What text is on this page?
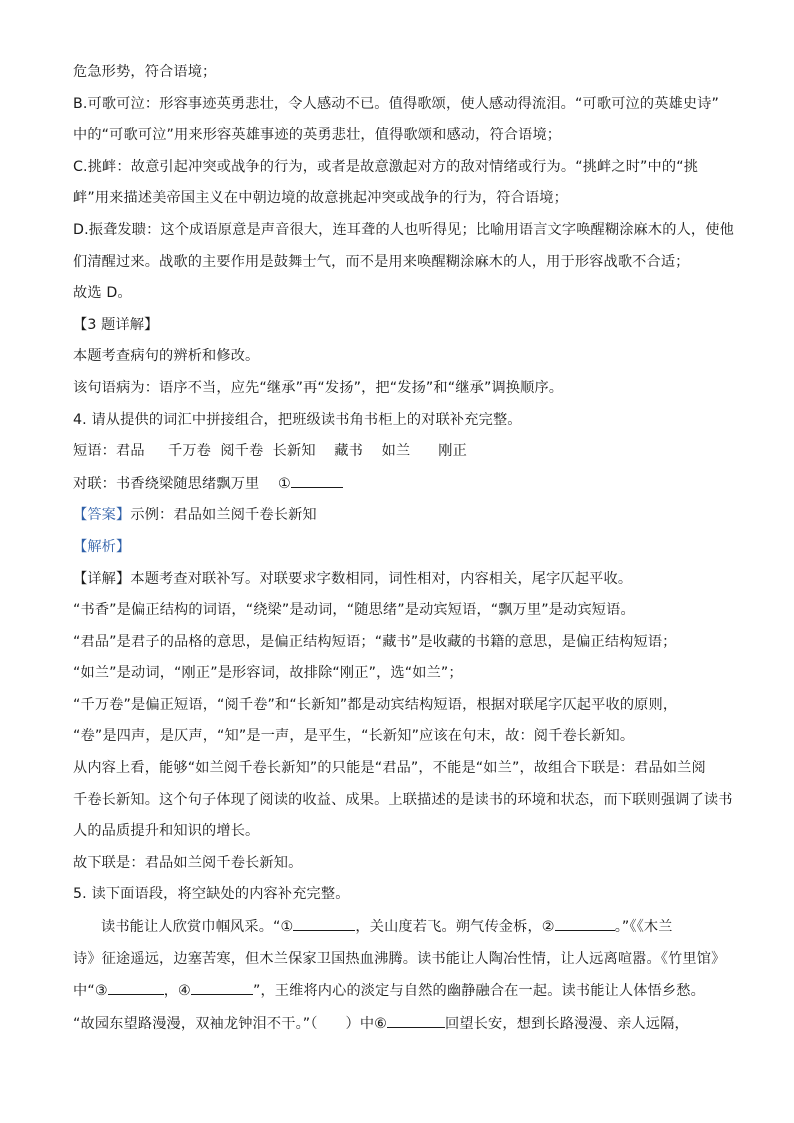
危急形势，符合语境；
B.可歌可泣：形容事迹英勇悲壮，令人感动不已。值得歌颂，使人感动得流泪。“可歌可泣的英雄史诗”
中的“可歌可泣”用来形容英雄事迹的英勇悲壮，值得歌颂和感动，符合语境；
C.挑衅：故意引起冲突或战争的行为，或者是故意激起对方的敌对情绪或行为。“挑衅之时”中的“挑
衅”用来描述美帝国主义在中朝边境的故意挑起冲突或战争的行为，符合语境；
D.振聋发聩：这个成语原意是声音很大，连耳聋的人也听得见；比喻用语言文字唤醒糊涂麻木的人，使他
们清醒过来。战歌的主要作用是鼓舞士气，而不是用来唤醒糊涂麻木的人，用于形容战歌不合适；
故选 D。
【3 题详解】
本题考查病句的辨析和修改。
该句语病为：语序不当，应先“继承”再“发扬”，把“发扬”和“继承”调换顺序。
4. 请从提供的词汇中拼接组合，把班级读书角书柜上的对联补充完整。
短语：君品     千万卷  阅千卷  长新知    藏书    如兰      刚正
对联：书香绕梁随思绪飘万里    ①
【答案】示例：君品如兰阅千卷长新知
【解析】
【详解】本题考查对联补写。对联要求字数相同，词性相对，内容相关，尾字仄起平收。
“书香”是偏正结构的词语，“绕梁”是动词，“随思绪”是动宾短语，“飘万里”是动宾短语。
“君品”是君子的品格的意思，是偏正结构短语；“藏书”是收藏的书籍的意思，是偏正结构短语；
“如兰”是动词，“刚正”是形容词，故排除“刚正”，选“如兰”；
“千万卷”是偏正短语，“阅千卷”和“长新知”都是动宾结构短语，根据对联尾字仄起平收的原则，
“卷”是四声，是仄声，“知”是一声，是平生，“长新知”应该在句末，故：阅千卷长新知。
从内容上看，能够“如兰阅千卷长新知”的只能是“君品”，不能是“如兰”，故组合下联是：君品如兰阅
千卷长新知。这个句子体现了阅读的收益、成果。上联描述的是读书的环境和状态，而下联则强调了读书
人的品质提升和知识的增长。
故下联是：君品如兰阅千卷长新知。
5. 读下面语段，将空缺处的内容补充完整。
读书能让人欣赏巾帼风采。“①	，关山度若飞。朔气传金柝，②	。”《《木兰
诗》征途遥远，边塞苦寒，但木兰保家卫国热血沸腾。读书能让人陶冶性情，让人远离喧嚣。《竹里馆》
中“③	，④	”，王维将内心的淡定与自然的幽静融合在一起。读书能让人体悟乡愁。
“故园东望路漫漫，双袖龙钟泪不干。”（      ）中⑥	回望长安，想到长路漫漫、亲人远隔，
